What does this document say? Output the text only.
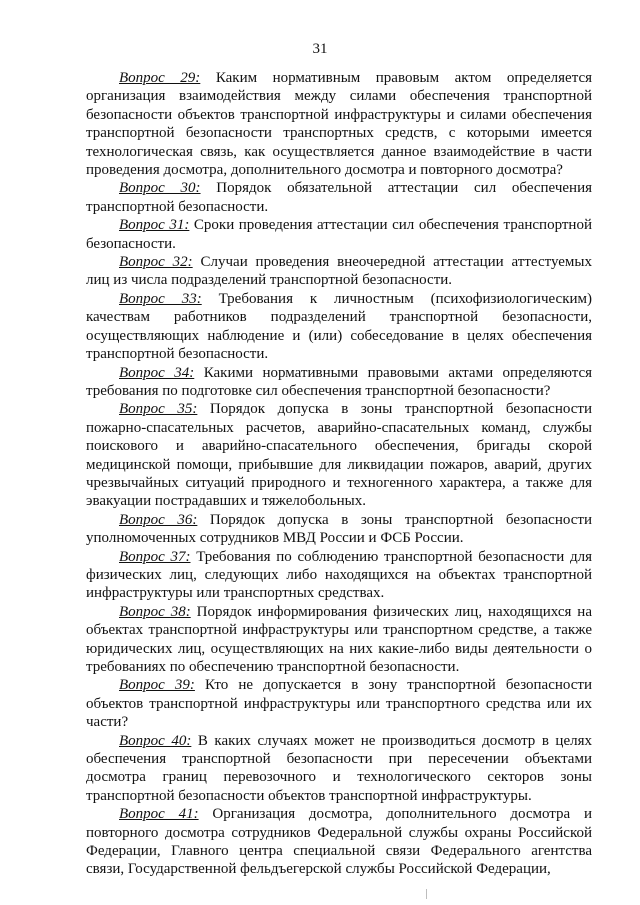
31

Вопрос 29: Каким нормативным правовым актом определяется организация взаимодействия между силами обеспечения транспортной безопасности объектов транспортной инфраструктуры и силами обеспечения транспортной безопасности транспортных средств, с которыми имеется технологическая связь, как осуществляется данное взаимодействие в части проведения досмотра, дополнительного досмотра и повторного досмотра?

Вопрос 30: Порядок обязательной аттестации сил обеспечения транспортной безопасности.

Вопрос 31: Сроки проведения аттестации сил обеспечения транспортной безопасности.

Вопрос 32: Случаи проведения внеочередной аттестации аттестуемых лиц из числа подразделений транспортной безопасности.

Вопрос 33: Требования к личностным (психофизиологическим) качествам работников подразделений транспортной безопасности, осуществляющих наблюдение и (или) собеседование в целях обеспечения транспортной безопасности.

Вопрос 34: Какими нормативными правовыми актами определяются требования по подготовке сил обеспечения транспортной безопасности?

Вопрос 35: Порядок допуска в зоны транспортной безопасности пожарно-спасательных расчетов, аварийно-спасательных команд, службы поискового и аварийно-спасательного обеспечения, бригады скорой медицинской помощи, прибывшие для ликвидации пожаров, аварий, других чрезвычайных ситуаций природного и техногенного характера, а также для эвакуации пострадавших и тяжелобольных.

Вопрос 36: Порядок допуска в зоны транспортной безопасности уполномоченных сотрудников МВД России и ФСБ России.

Вопрос 37: Требования по соблюдению транспортной безопасности для физических лиц, следующих либо находящихся на объектах транспортной инфраструктуры или транспортных средствах.

Вопрос 38: Порядок информирования физических лиц, находящихся на объектах транспортной инфраструктуры или транспортном средстве, а также юридических лиц, осуществляющих на них какие-либо виды деятельности о требованиях по обеспечению транспортной безопасности.

Вопрос 39: Кто не допускается в зону транспортной безопасности объектов транспортной инфраструктуры или транспортного средства или их части?

Вопрос 40: В каких случаях может не производиться досмотр в целях обеспечения транспортной безопасности при пересечении объектами досмотра границ перевозочного и технологического секторов зоны транспортной безопасности объектов транспортной инфраструктуры.

Вопрос 41: Организация досмотра, дополнительного досмотра и повторного досмотра сотрудников Федеральной службы охраны Российской Федерации, Главного центра специальной связи Федерального агентства связи, Государственной фельдъегерской службы Российской Федерации,
